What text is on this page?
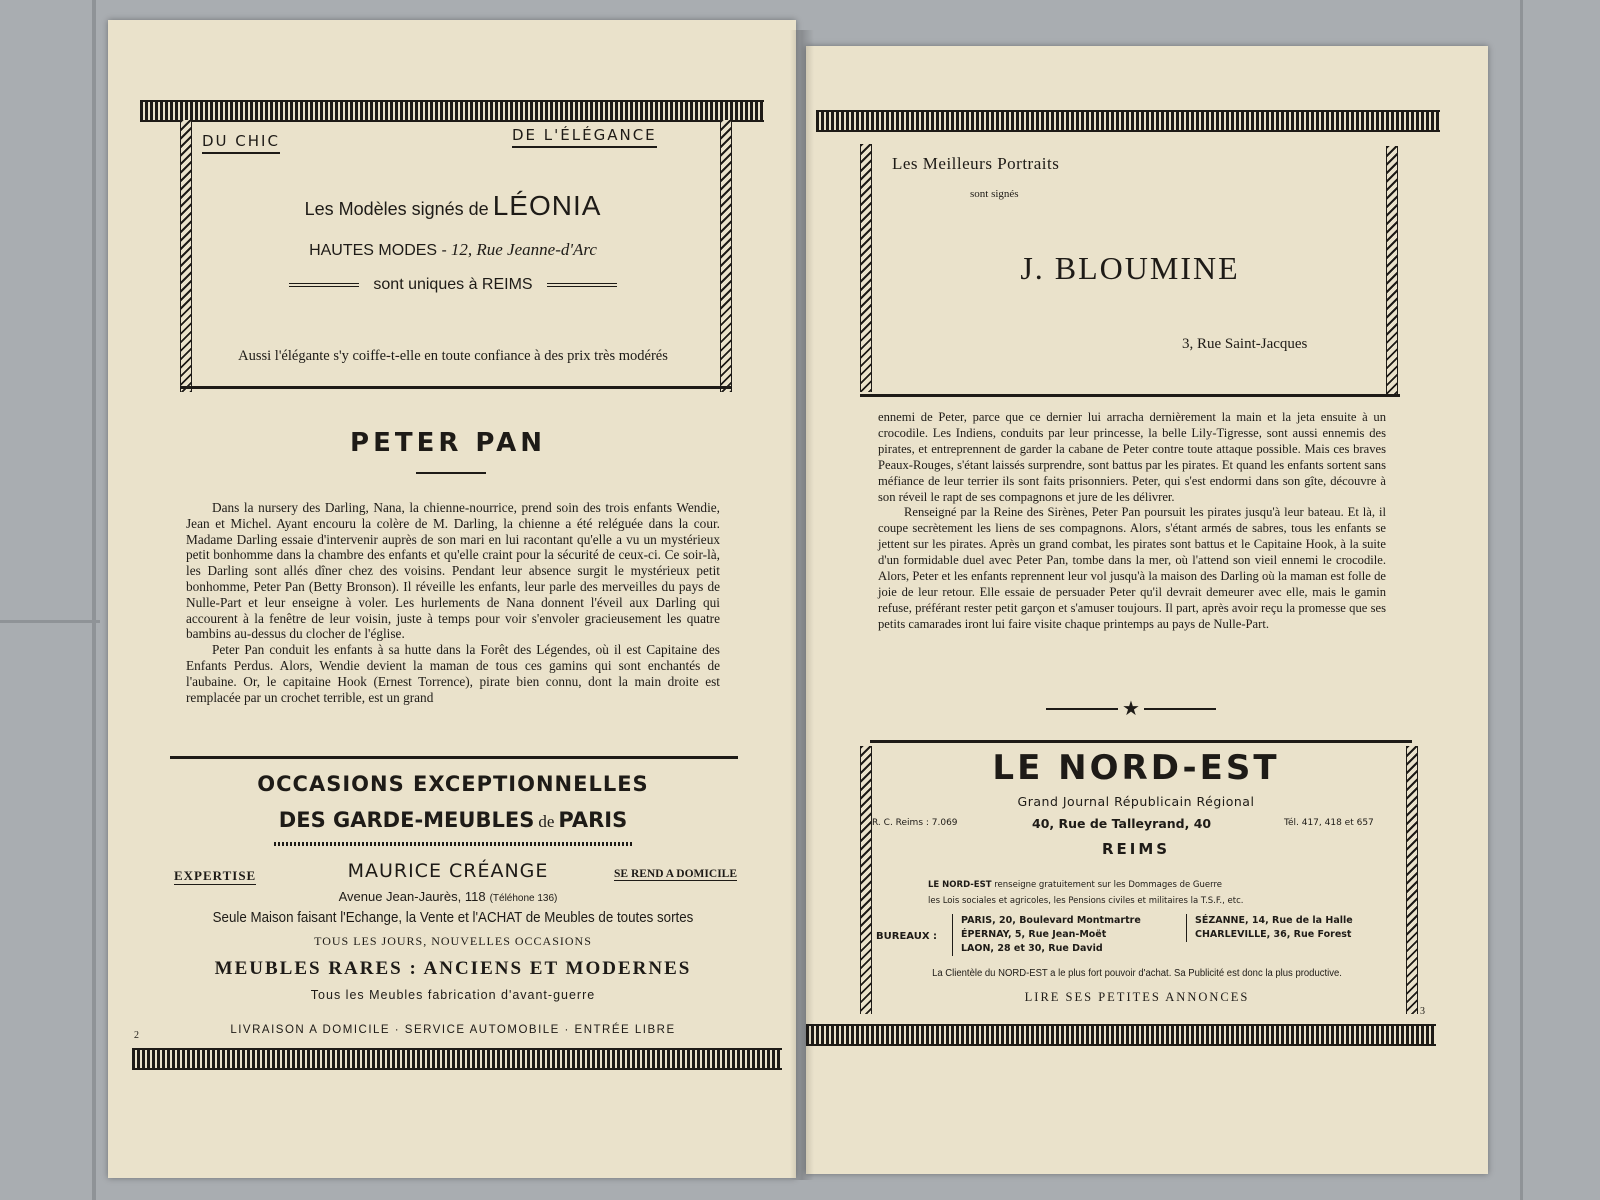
DU CHIC	DE L'ÉLÉGANCE
Les Modèles signés de LÉONIA
HAUTES MODES - 12, Rue Jeanne-d'Arc
sont uniques à REIMS
Aussi l'élégante s'y coiffe-t-elle en toute confiance à des prix très modérés
PETER PAN

Dans la nursery des Darling, Nana, la chienne-nourrice, prend soin des trois enfants Wendie, Jean et Michel. Ayant encouru la colère de M. Darling, la chienne a été reléguée dans la cour. Madame Darling essaie d'intervenir auprès de son mari en lui racontant qu'elle a vu un mystérieux petit bonhomme dans la chambre des enfants et qu'elle craint pour la sécurité de ceux-ci. Ce soir-là, les Darling sont allés dîner chez des voisins. Pendant leur absence surgit le mystérieux petit bonhomme, Peter Pan (Betty Bronson). Il réveille les enfants, leur parle des merveilles du pays de Nulle-Part et leur enseigne à voler. Les hurlements de Nana donnent l'éveil aux Darling qui accourent à la fenêtre de leur voisin, juste à temps pour voir s'envoler gracieusement les quatre bambins au-dessus du clocher de l'église.

Peter Pan conduit les enfants à sa hutte dans la Forêt des Légendes, où il est Capitaine des Enfants Perdus. Alors, Wendie devient la maman de tous ces gamins qui sont enchantés de l'aubaine. Or, le capitaine Hook (Ernest Torrence), pirate bien connu, dont la main droite est remplacée par un crochet terrible, est un grand

OCCASIONS EXCEPTIONNELLES
DES GARDE-MEUBLES de PARIS
EXPERTISE	SE REND A DOMICILE
MAURICE CRÉANGE
Avenue Jean-Jaurès, 118 (Téléhone 136)
Seule Maison faisant l'Echange, la Vente et l'ACHAT de Meubles de toutes sortes
TOUS LES JOURS, NOUVELLES OCCASIONS
MEUBLES RARES : ANCIENS ET MODERNES
Tous les Meubles fabrication d'avant-guerre
LIVRAISON A DOMICILE · SERVICE AUTOMOBILE · ENTRÉE LIBRE
2
Les Meilleurs Portraits
sont signés
J. BLOUMINE
3, Rue Saint-Jacques

ennemi de Peter, parce que ce dernier lui arracha dernièrement la main et la jeta ensuite à un crocodile. Les Indiens, conduits par leur princesse, la belle Lily-Tigresse, sont aussi ennemis des pirates, et entreprennent de garder la cabane de Peter contre toute attaque possible. Mais ces braves Peaux-Rouges, s'étant laissés surprendre, sont battus par les pirates. Et quand les enfants sortent sans méfiance de leur terrier ils sont faits prisonniers. Peter, qui s'est endormi dans son gîte, découvre à son réveil le rapt de ses compagnons et jure de les délivrer.

Renseigné par la Reine des Sirènes, Peter Pan poursuit les pirates jusqu'à leur bateau. Et là, il coupe secrètement les liens de ses compagnons. Alors, s'étant armés de sabres, tous les enfants se jettent sur les pirates. Après un grand combat, les pirates sont battus et le Capitaine Hook, à la suite d'un formidable duel avec Peter Pan, tombe dans la mer, où l'attend son vieil ennemi le crocodile. Alors, Peter et les enfants reprennent leur vol jusqu'à la maison des Darling où la maman est folle de joie de leur retour. Elle essaie de persuader Peter qu'il devrait demeurer avec elle, mais le gamin refuse, préférant rester petit garçon et s'amuser toujours. Il part, après avoir reçu la promesse que ses petits camarades iront lui faire visite chaque printemps au pays de Nulle-Part.

★
LE NORD-EST
Grand Journal Républicain Régional
R. C. Reims : 7.069	40, Rue de Talleyrand, 40	Tél. 417, 418 et 657
REIMS
LE NORD-EST renseigne gratuitement sur les Dommages de Guerre
les Lois sociales et agricoles, les Pensions civiles et militaires la T.S.F., etc.
BUREAUX :
PARIS, 20, Boulevard Montmartre
ÉPERNAY, 5, Rue Jean-Moët
LAON, 28 et 30, Rue David
SÉZANNE, 14, Rue de la Halle
CHARLEVILLE, 36, Rue Forest
La Clientèle du NORD-EST a le plus fort pouvoir d'achat. Sa Publicité est donc la plus productive.
LIRE SES PETITES ANNONCES
3
